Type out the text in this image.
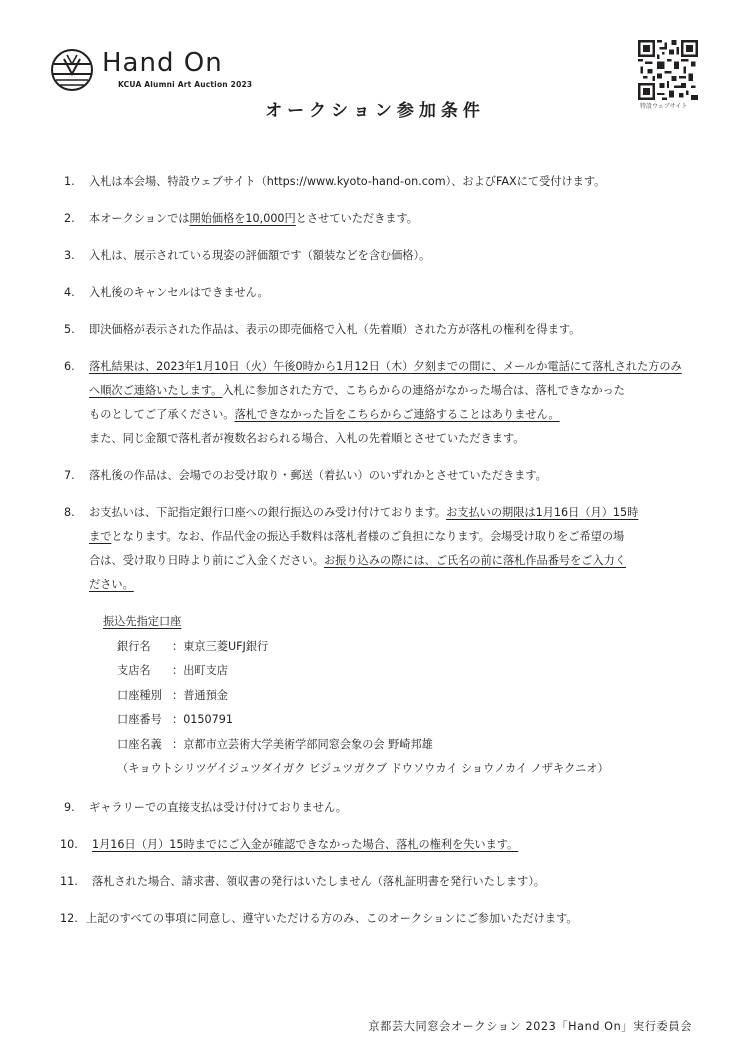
Hand On
KCUA Alumni Art Auction 2023
特設ウェブサイト
オークション参加条件
1. 入札は本会場、特設ウェブサイト（https://www.kyoto-hand-on.com）、およびFAXにて受付けます。
2. 本オークションでは開始価格を10,000円とさせていただきます。
3. 入札は、展示されている現姿の評価額です（額装などを含む価格）。
4. 入札後のキャンセルはできません。
5. 即決価格が表示された作品は、表示の即売価格で入札（先着順）された方が落札の権利を得ます。
6. 落札結果は、2023年1月10日（火）午後0時から1月12日（木）夕刻までの間に、メールか電話にて落札された方のみ
へ順次ご連絡いたします。入札に参加された方で、こちらからの連絡がなかった場合は、落札できなかった
ものとしてご了承ください。落札できなかった旨をこちらからご連絡することはありません。
また、同じ金額で落札者が複数名おられる場合、入札の先着順とさせていただきます。
7. 落札後の作品は、会場でのお受け取り・郵送（着払い）のいずれかとさせていただきます。
8. お支払いは、下記指定銀行口座への銀行振込のみ受け付けております。お支払いの期限は1月16日（月）15時
までとなります。なお、作品代金の振込手数料は落札者様のご負担になります。会場受け取りをご希望の場
合は、受け取り日時より前にご入金ください。お振り込みの際には、ご氏名の前に落札作品番号をご入力く
ださい。
振込先指定口座
銀行名 ：東京三菱UFJ銀行
支店名 ：出町支店
口座種別 ：普通預金
口座番号 ：0150791
口座名義 ：京都市立芸術大学美術学部同窓会象の会 野崎邦雄
（キョウトシリツゲイジュツダイガク ビジュツガクブ ドウソウカイ ショウノカイ ノザキクニオ）
9. ギャラリーでの直接支払は受け付けておりません。
10. 1月16日（月）15時までにご入金が確認できなかった場合、落札の権利を失います。
11. 落札された場合、請求書、領収書の発行はいたしません（落札証明書を発行いたします）。
12. 上記のすべての事項に同意し、遵守いただける方のみ、このオークションにご参加いただけます。
京都芸大同窓会オークション 2023「Hand On」実行委員会
